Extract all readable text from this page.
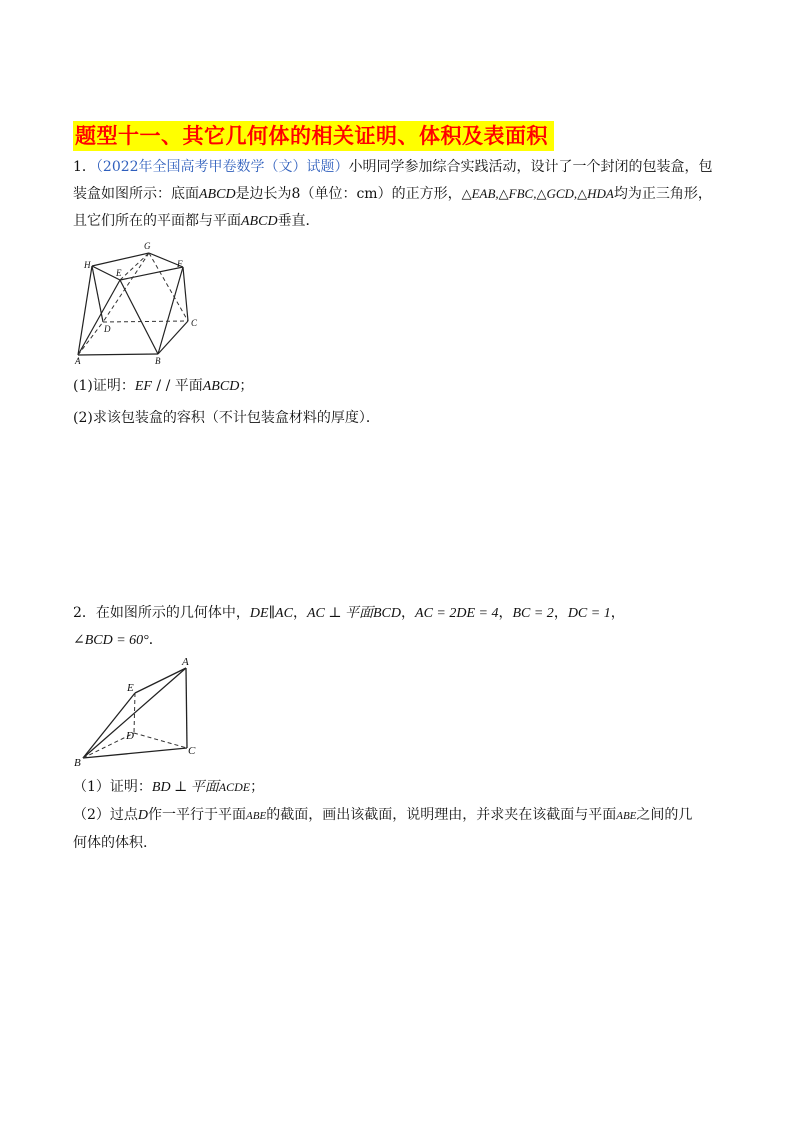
题型十一、其它几何体的相关证明、体积及表面积
1．（2022年全国高考甲卷数学（文）试题）小明同学参加综合实践活动，设计了一个封闭的包装盒，包
装盒如图所示：底面ABCD是边长为8（单位：cm）的正方形，△EAB,△FBC,△GCD,△HDA均为正三角形，
且它们所在的平面都与平面ABCD垂直．
H
G
E
F
D
C
A	B
(1)证明：EF / / 平面ABCD；
(2)求该包装盒的容积（不计包装盒材料的厚度）．
2．在如图所示的几何体中，DE∥AC，AC ⊥ 平面BCD，AC = 2DE = 4，BC = 2，DC = 1，
∠BCD = 60°．
A
E
D
C
B
（1）证明：BD ⊥ 平面ACDE；
（2）过点D作一平行于平面ABE的截面，画出该截面，说明理由，并求夹在该截面与平面ABE之间的几
何体的体积.
